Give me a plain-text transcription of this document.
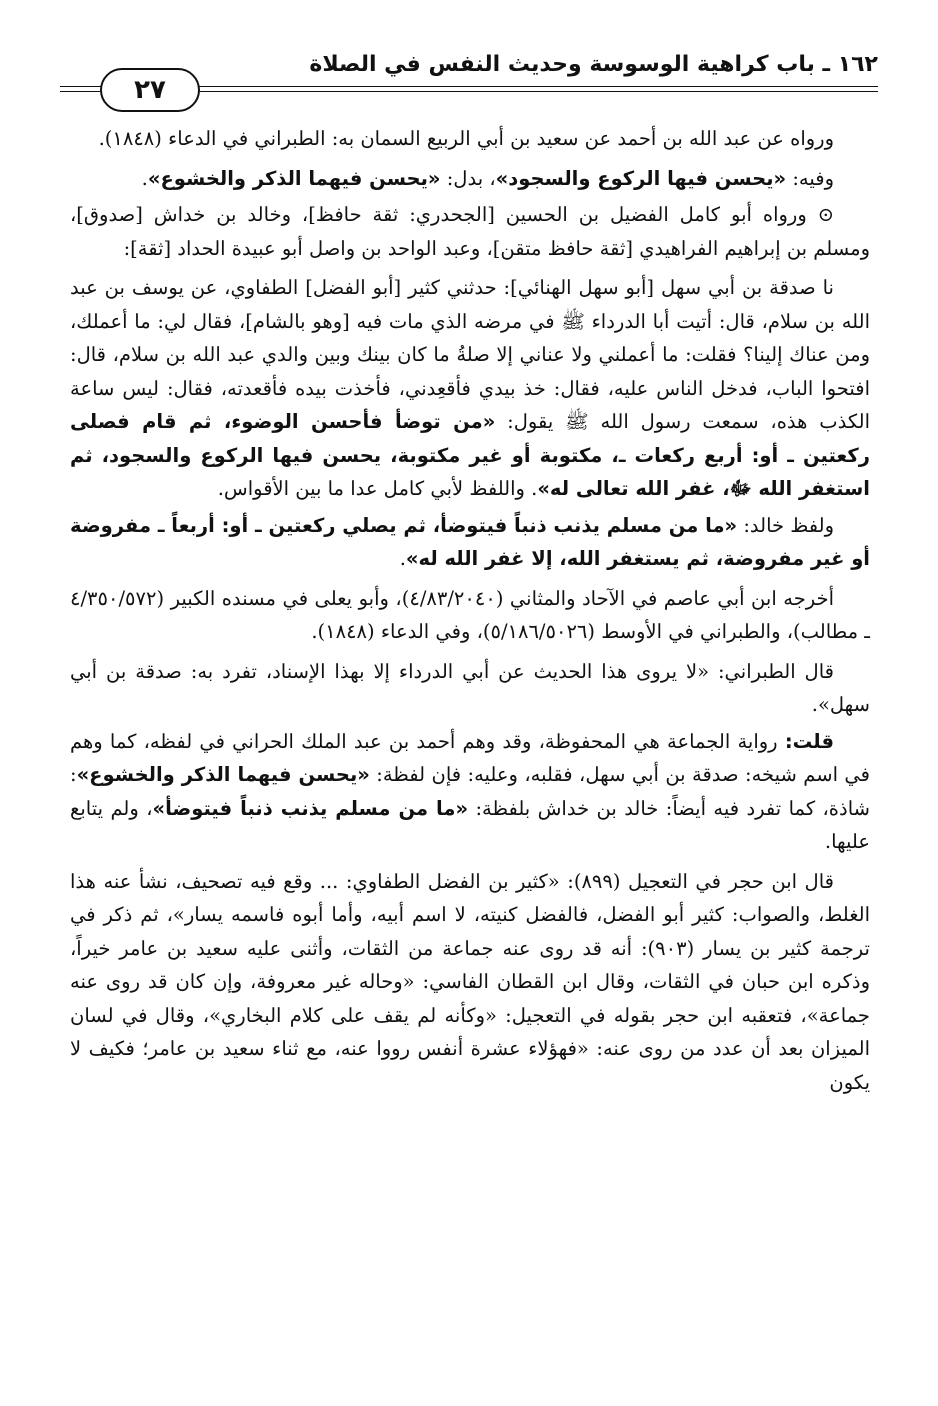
١٦٢ ـ باب كراهية الوسوسة وحديث النفس في الصلاة
٢٧

ورواه عن عبد الله بن أحمد عن سعيد بن أبي الربيع السمان به: الطبراني في الدعاء (١٨٤٨).

وفيه: «يحسن فيها الركوع والسجود»، بدل: «يحسن فيهما الذكر والخشوع».

⊙ ورواه أبو كامل الفضيل بن الحسين [الجحدري: ثقة حافظ]، وخالد بن خداش [صدوق]، ومسلم بن إبراهيم الفراهيدي [ثقة حافظ متقن]، وعبد الواحد بن واصل أبو عبيدة الحداد [ثقة]:

نا صدقة بن أبي سهل [أبو سهل الهنائي]: حدثني كثير [أبو الفضل] الطفاوي، عن يوسف بن عبد الله بن سلام، قال: أتيت أبا الدرداء ﷺ في مرضه الذي مات فيه [وهو بالشام]، فقال لي: ما أعملك، ومن عناك إلينا؟ فقلت: ما أعملني ولا عناني إلا صلةُ ما كان بينك وبين والدي عبد الله بن سلام، قال: افتحوا الباب، فدخل الناس عليه، فقال: خذ بيدي فأقعِدني، فأخذت بيده فأقعدته، فقال: ليس ساعة الكذب هذه، سمعت رسول الله ﷺ يقول: «من توضأ فأحسن الوضوء، ثم قام فصلى ركعتين ـ أو: أربع ركعات ـ، مكتوبة أو غير مكتوبة، يحسن فيها الركوع والسجود، ثم استغفر الله ﷻ، غفر الله تعالى له». واللفظ لأبي كامل عدا ما بين الأقواس.

ولفظ خالد: «ما من مسلم يذنب ذنباً فيتوضأ، ثم يصلي ركعتين ـ أو: أربعاً ـ مفروضة أو غير مفروضة، ثم يستغفر الله، إلا غفر الله له».

أخرجه ابن أبي عاصم في الآحاد والمثاني (٤/٨٣/٢٠٤٠)، وأبو يعلى في مسنده الكبير (٤/٣٥٠/٥٧٢ ـ مطالب)، والطبراني في الأوسط (٥/١٨٦/٥٠٢٦)، وفي الدعاء (١٨٤٨).

قال الطبراني: «لا يروى هذا الحديث عن أبي الدرداء إلا بهذا الإسناد، تفرد به: صدقة بن أبي سهل».

قلت: رواية الجماعة هي المحفوظة، وقد وهم أحمد بن عبد الملك الحراني في لفظه، كما وهم في اسم شيخه: صدقة بن أبي سهل، فقلبه، وعليه: فإن لفظة: «يحسن فيهما الذكر والخشوع»: شاذة، كما تفرد فيه أيضاً: خالد بن خداش بلفظة: «ما من مسلم يذنب ذنباً فيتوضأ»، ولم يتابع عليها.

قال ابن حجر في التعجيل (٨٩٩): «كثير بن الفضل الطفاوي: ... وقع فيه تصحيف، نشأ عنه هذا الغلط، والصواب: كثير أبو الفضل، فالفضل كنيته، لا اسم أبيه، وأما أبوه فاسمه يسار»، ثم ذكر في ترجمة كثير بن يسار (٩٠٣): أنه قد روى عنه جماعة من الثقات، وأثنى عليه سعيد بن عامر خيراً، وذكره ابن حبان في الثقات، وقال ابن القطان الفاسي: «وحاله غير معروفة، وإن كان قد روى عنه جماعة»، فتعقبه ابن حجر بقوله في التعجيل: «وكأنه لم يقف على كلام البخاري»، وقال في لسان الميزان بعد أن عدد من روى عنه: «فهؤلاء عشرة أنفس رووا عنه، مع ثناء سعيد بن عامر؛ فكيف لا يكون
